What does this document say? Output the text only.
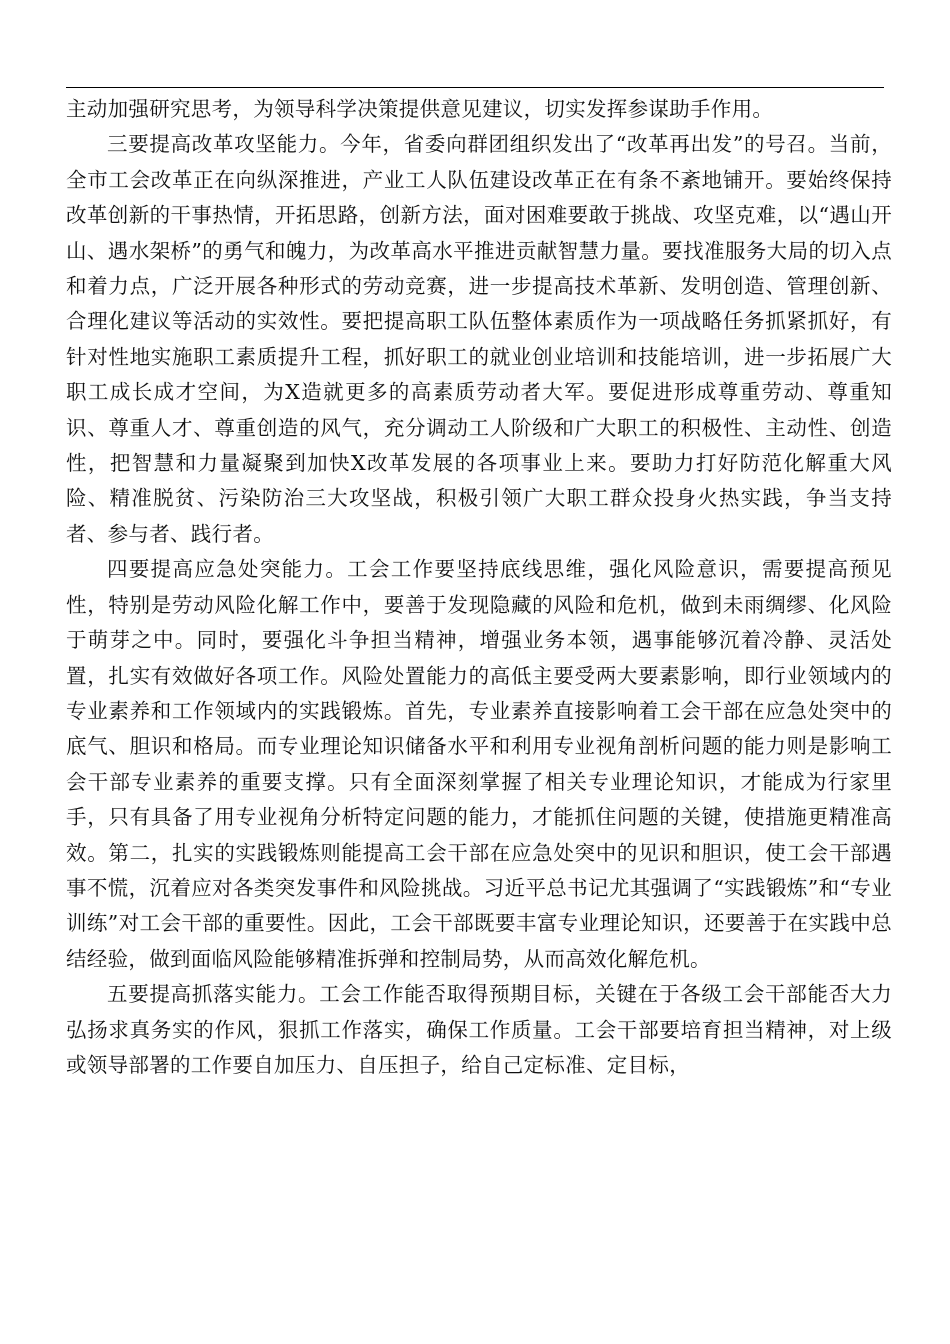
主动加强研究思考，为领导科学决策提供意见建议，切实发挥参谋助手作用。

三要提高改革攻坚能力。今年，省委向群团组织发出了“改革再出发”的号召。当前，全市工会改革正在向纵深推进，产业工人队伍建设改革正在有条不紊地铺开。要始终保持改革创新的干事热情，开拓思路，创新方法，面对困难要敢于挑战、攻坚克难，以“遇山开山、遇水架桥”的勇气和魄力，为改革高水平推进贡献智慧力量。要找准服务大局的切入点和着力点，广泛开展各种形式的劳动竞赛，进一步提高技术革新、发明创造、管理创新、合理化建议等活动的实效性。要把提高职工队伍整体素质作为一项战略任务抓紧抓好，有针对性地实施职工素质提升工程，抓好职工的就业创业培训和技能培训，进一步拓展广大职工成长成才空间，为X造就更多的高素质劳动者大军。要促进形成尊重劳动、尊重知识、尊重人才、尊重创造的风气，充分调动工人阶级和广大职工的积极性、主动性、创造性，把智慧和力量凝聚到加快X改革发展的各项事业上来。要助力打好防范化解重大风险、精准脱贫、污染防治三大攻坚战，积极引领广大职工群众投身火热实践，争当支持者、参与者、践行者。

四要提高应急处突能力。工会工作要坚持底线思维，强化风险意识，需要提高预见性，特别是劳动风险化解工作中，要善于发现隐藏的风险和危机，做到未雨绸缪、化风险于萌芽之中。同时，要强化斗争担当精神，增强业务本领，遇事能够沉着冷静、灵活处置，扎实有效做好各项工作。风险处置能力的高低主要受两大要素影响，即行业领域内的专业素养和工作领域内的实践锻炼。首先，专业素养直接影响着工会干部在应急处突中的底气、胆识和格局。而专业理论知识储备水平和利用专业视角剖析问题的能力则是影响工会干部专业素养的重要支撑。只有全面深刻掌握了相关专业理论知识，才能成为行家里手，只有具备了用专业视角分析特定问题的能力，才能抓住问题的关键，使措施更精准高效。第二，扎实的实践锻炼则能提高工会干部在应急处突中的见识和胆识，使工会干部遇事不慌，沉着应对各类突发事件和风险挑战。习近平总书记尤其强调了“实践锻炼”和“专业训练”对工会干部的重要性。因此，工会干部既要丰富专业理论知识，还要善于在实践中总结经验，做到面临风险能够精准拆弹和控制局势，从而高效化解危机。

五要提高抓落实能力。工会工作能否取得预期目标，关键在于各级工会干部能否大力弘扬求真务实的作风，狠抓工作落实，确保工作质量。工会干部要培育担当精神，对上级或领导部署的工作要自加压力、自压担子，给自己定标准、定目标，
